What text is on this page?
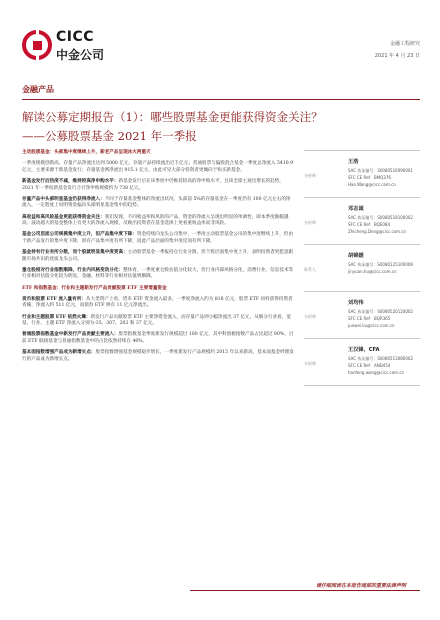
CICC
中金公司
金融工程研究
2021 年 4 月 23 日
金融产品
解读公募定期报告（1）：哪些股票基金更能获得资金关注？
——公募股票基金 2021 年一季报

主动股票基金：头部集中度继续上升，新老产品呈现冰火两重天

一季度规模创新高，存量产品净流出达到 5000 亿元，存量产品持续流出近千亿元；普通股票与偏股混合基金一季度总净流入 5410.9 亿元，主要来源于新基金发行；存量基金则净流出 915.1 亿元，由此可见大部分投资者更倾向于购买新基金。

新基金发行后热度不减，维持较高净申购水平：新基金发行后在该季度中仍维持较高的净申购水平，且该全部主观出增长的趋势，2021 年一季度新基金发行合计净申购规模约为 738 亿元。

存量产品中头部明星基金仍获得净流入：不同于存量基金整体的净流出状况，头部前 5%的存量基金在一季度仍有 100 亿元左右的净流入，一定程度上说明资金偏向头部明星基金集中的趋势。

高收益和高风险基金更能获得资金关注：我们发现，不同收益率和风险的产品，资金的净流入呈现出明显的单调性，即本季度涨幅越高、波动越大的基金整体上有更大的净流入规模，反映出投资者在基金选择上更看重收益率而非风险。

基金公司层面公司规模集中度上升，但产品集中度下降：资金持续向龙头公司集中，一季度主动股票基金公司的集中度继续上升，但由于新产品发行的集中度下降，原有产品集中度有所下降，因此产品层面的集中度反而有所下降。

基金持有行业有所分散，而个股就明显集中度更高：主动股票基金一季报持仓行业分散，但个股层面集中度上升，表明投资者更愿意跟随市场共识的优质龙头公司。

重仓股相对行业指数顺降，行业内风格变动分化：整体看，一季度重仓股估值分化较大，但行业内部风格分化，消费行业、信息技术等行业相对估值分化较为明显，金融、材料等行业相对估值则顺降。

ETF 和指数基金：行业和主题新发行产品贡献股票 ETF 主要增量资金

货币和股票 ETF 流入量有所：从大类资产上看，货币 ETF 资金流入最多，一季度净流入约为 818 亿元，股票 ETF 同样获得投资者青睐，净流入约 511 亿元，而债券 ETF 则有 11 亿元净流出。

行业和主题股票 ETF 依然火爆：新发行产品贡献股票 ETF 主要净资金流入，而存量产品则小幅净流出 37 亿元，从细分行业看，宽基、行业、主题 ETF 净流入分别为-35、307、202 和 37 亿元。

普通股票指数基金中新发行产品贡献主要流入：股票指数基金季度新发行规模超过 100 亿元，其中科创板指数产品占比超过 80%，目前 ETF 联接基金与普通指数基金中的占比依然持续在 40%。

基本面指数增强产品成为新增长点：股票指数增强基金规模稳步增长，一季度新发行产品规模约 2015 年以来新高，基本面基金经理发行的产品成为新增长点。

分析师
王浩
SAC 执证编号：S0080516090001
SFC CE Ref：BMQ376
Hao.Wang@cicc.com.cn
分析师
邓志诚
SAC 执证编号：S0080518100002
SFC CE Ref：BQE084
Zhicheng.Deng@cicc.com.cn
联系人
胡锦媛
SAC 执证编号：S0080125100009
jinyuan.hu@cicc.com.cn
分析师
刘均伟
SAC 执证编号：S0080520120002
SFC CE Ref：BQR365
junwei.liu@cicc.com.cn
分析师
王汉锋，CFA
SAC 执证编号：S0080513080002
SFC CE Ref：AND454
hanfeng.wang@cicc.com.cn
请仔细阅读在本报告尾部的重要法律声明
